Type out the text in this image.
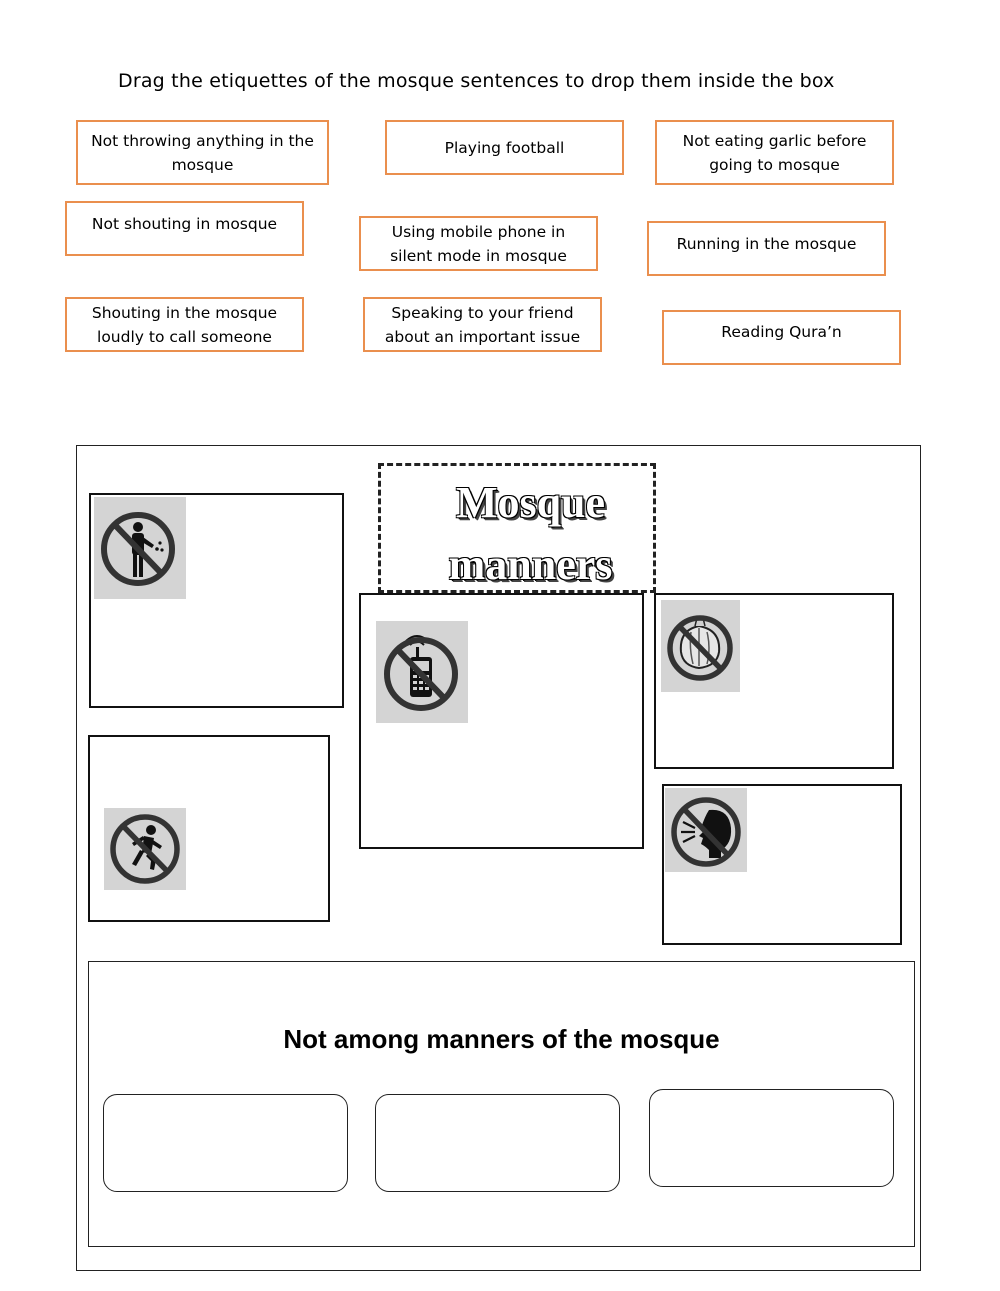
Drag the etiquettes of the mosque sentences to drop them inside the box
Not throwing anything in the mosque
Playing football	Not eating garlic before going to mosque
Not shouting in mosque	Using mobile phone in silent mode in mosque
Running in the mosque
Shouting in the mosque loudly to call someone
Speaking to your friend about an important issue	Reading Qura’n
Mosque
manners
Not among manners of the mosque
